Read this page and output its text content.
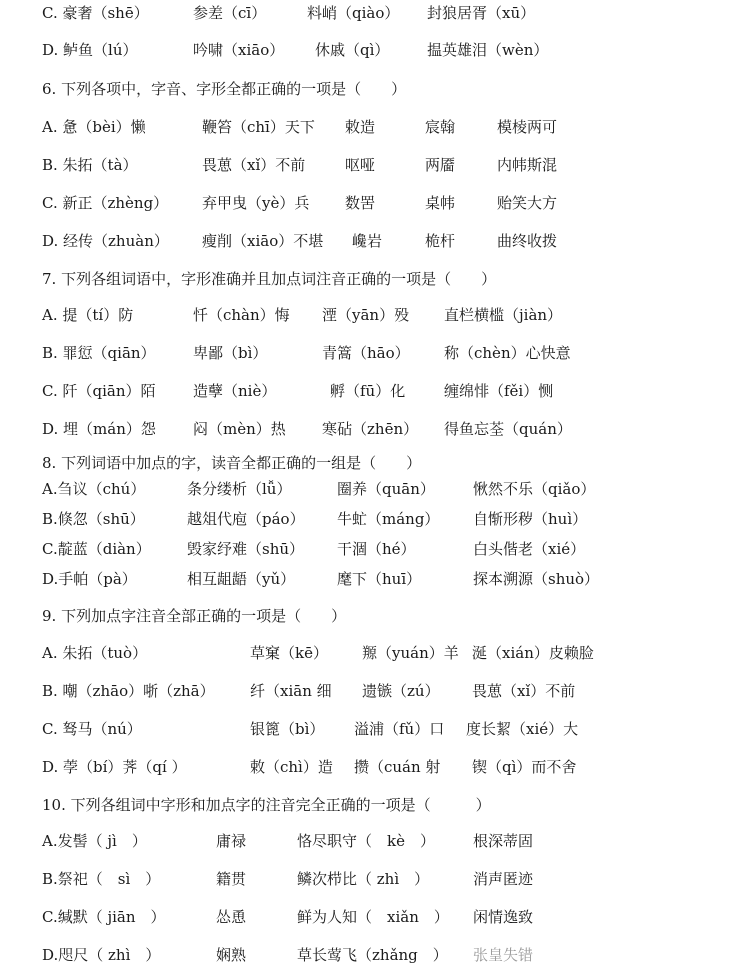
C. 豪奢（shē）	参差（cī）	料峭（qiào） 封狼居胥（xū）
D. 鲈鱼（lú）	吟啸（xiāo） 休戚（qì）	揾英雄泪（wèn）
6. 下列各项中，字音、字形全都正确的一项是（　　）
A. 惫（bèi）懒	鞭笞（chī）天下 敕造	宸翰	模棱两可
B. 朱拓（tà）	畏葸（xǐ）不前	呕哑	两靥	内帏斯混
C. 新正（zhèng） 弃甲曳（yè）兵 数罟	桌帏	贻笑大方
D. 经传（zhuàn） 瘦削（xiāo）不堪 巉岩	桅杆	曲终收拨
7. 下列各组词语中，字形准确并且加点词注音正确的一项是（　　）
A. 提（tí）防	忏（chàn）悔 湮（yān）殁 直栏横槛（jiàn）
B. 罪愆（qiān） 卑鄙（bì）	青篙（hāo） 称（chèn）心快意
C. 阡（qiān）陌	造孽（niè）	孵（fū）化	缠绵悱（fěi）恻
D. 埋（mán）怨 闷（mèn）热 寒砧（zhēn） 得鱼忘荃（quán）
8. 下列词语中加点的字，读音全都正确的一组是（　　）
A.刍议（chú）	条分缕析（lǚ）	圈养（quān）	愀然不乐（qiǎo）
B.倏忽（shū）	越俎代庖（páo） 牛虻（máng） 自惭形秽（huì）
C.靛蓝（diàn） 毁家纾难（shū） 干涸（hé）	白头偕老（xié）
D.手帕（pà）	相互龃龉（yǔ）	麾下（huī）	探本溯源（shuò）
9. 下列加点字注音全部正确的一项是（　　）
A. 朱拓（tuò）	草窠（kē） 羱（yuán）羊 涎（xián）皮赖脸
B. 嘲（zhāo）哳（zhā） 纤（xiān 细 遗镞（zú） 畏葸（xǐ）不前
C. 驽马（nú）	银篦（bì） 溢浦（fǔ）口 度长絜（xié）大
D. 荸（bí）荠（qí ）	敕（chì）造 攒（cuán 射 锲（qì）而不舍
10. 下列各组词中字形和加点字的注音完全正确的一项是（　　　）
A.发髻（ jì　）	庸禄	恪尽职守（　kè　）	根深蒂固
B.祭祀（　sì　）	籍贯	鳞次栉比（ zhì　）	消声匿迹
C.缄默（ jiān　）	怂恿	鲜为人知（　xiǎn　） 闲情逸致
D.咫尺（ zhì　）	娴熟	草长莺飞（zhǎng　） 张皇失错
